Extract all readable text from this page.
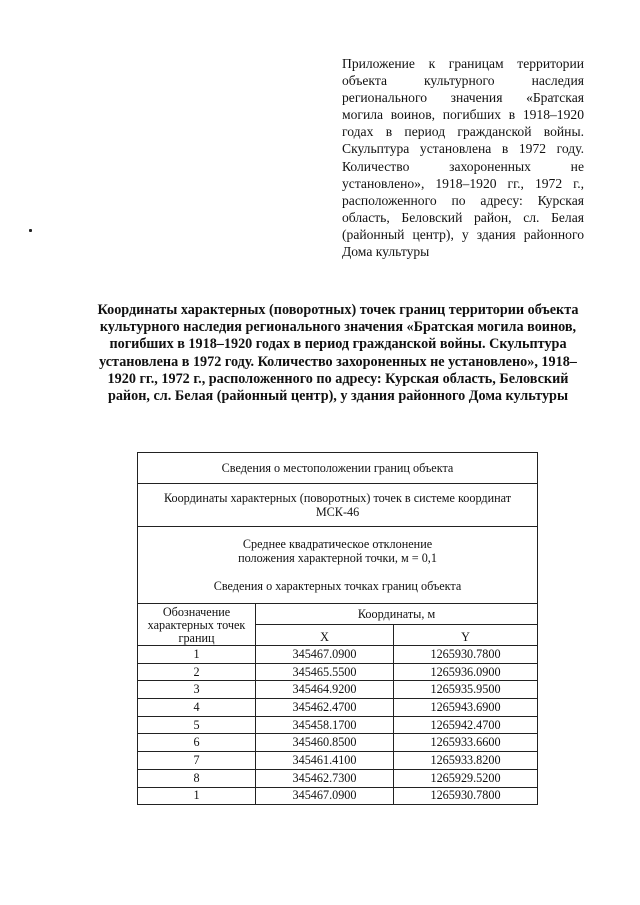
Приложение к границам территории объекта культурного наследия регионального значения «Братская могила воинов, погибших в 1918–1920 годах в период гражданской войны. Скульптура установлена в 1972 году. Количество захороненных не установлено», 1918–1920 гг., 1972 г., расположенного по адресу: Курская область, Беловский район, сл. Белая (районный центр), у здания районного Дома культуры
Координаты характерных (поворотных) точек границ территории объекта культурного наследия регионального значения «Братская могила воинов, погибших в 1918–1920 годах в период гражданской войны. Скульптура установлена в 1972 году. Количество захороненных не установлено», 1918–1920 гг., 1972 г., расположенного по адресу: Курская область, Беловский район, сл. Белая (районный центр), у здания районного Дома культуры
Сведения о местоположении границ объекта		
Координаты характерных (поворотных) точек в системе координат МСК-46		

Среднее квадратическое отклонение
положения характерной точки, м = 0,1
Сведения о характерных точках границ объекта		

Обозначение характерных точек границ	Координаты, м	
	X	Y
1	345467.0900	1265930.7800
2	345465.5500	1265936.0900
3	345464.9200	1265935.9500
4	345462.4700	1265943.6900
5	345458.1700	1265942.4700
6	345460.8500	1265933.6600
7	345461.4100	1265933.8200
8	345462.7300	1265929.5200
1	345467.0900	1265930.7800
